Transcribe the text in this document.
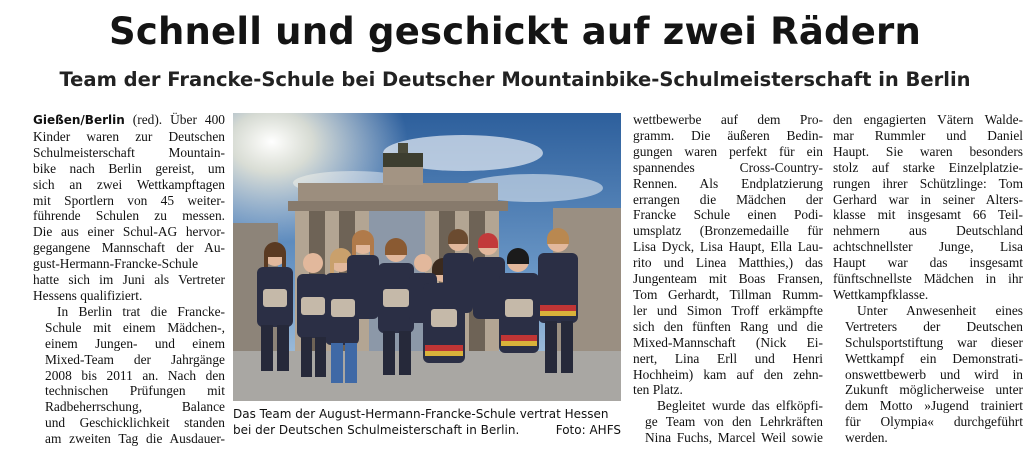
Schnell und geschickt auf zwei Rädern
Team der Francke-Schule bei Deutscher Mountainbike-Schulmeisterschaft in Berlin

Gießen/Berlin (red). Über 400
Kinder waren zur Deutschen
Schulmeisterschaft Mountain-
bike nach Berlin gereist, um
sich an zwei Wettkampftagen
mit Sportlern von 45 weiter-
führende Schulen zu messen.
Die aus einer Schul-AG hervor-
gegangene Mannschaft der Au-
gust-Hermann-Francke-Schule
hatte sich im Juni als Vertreter
Hessens qualifiziert.

In Berlin trat die Francke-
Schule mit einem Mädchen-,
einem Jungen- und einem
Mixed-Team der Jahrgänge
2008 bis 2011 an. Nach den
technischen Prüfungen mit
Radbeherrschung, Balance
und Geschicklichkeit standen
am zweiten Tag die Ausdauer-

Das Team der August-Hermann-Francke-Schule vertrat Hessen
bei der Deutschen Schulmeisterschaft in Berlin.	Foto: AHFS

wettbewerbe auf dem Pro-
gramm. Die äußeren Bedin-
gungen waren perfekt für ein
spannendes Cross-Country-
Rennen. Als Endplatzierung
errangen die Mädchen der
Francke Schule einen Podi-
umsplatz (Bronzemedaille für
Lisa Dyck, Lisa Haupt, Ella Lau-
rito und Linea Matthies,) das
Jungenteam mit Boas Fransen,
Tom Gerhardt, Tillman Rumm-
ler und Simon Troff erkämpfte
sich den fünften Rang und die
Mixed-Mannschaft (Nick Ei-
nert, Lina Erll und Henri
Hochheim) kam auf den zehn-
ten Platz.

Begleitet wurde das elfköpfi-
ge Team von den Lehrkräften
Nina Fuchs, Marcel Weil sowie

den engagierten Vätern Walde-
mar Rummler und Daniel
Haupt. Sie waren besonders
stolz auf starke Einzelplatzie-
rungen ihrer Schützlinge: Tom
Gerhard war in seiner Alters-
klasse mit insgesamt 66 Teil-
nehmern aus Deutschland
achtschnellster Junge, Lisa
Haupt war das insgesamt
fünftschnellste Mädchen in ihr
Wettkampfklasse.

Unter Anwesenheit eines
Vertreters der Deutschen
Schulsportstiftung war dieser
Wettkampf ein Demonstrati-
onswettbewerb und wird in
Zukunft möglicherweise unter
dem Motto »Jugend trainiert
für Olympia« durchgeführt
werden.
